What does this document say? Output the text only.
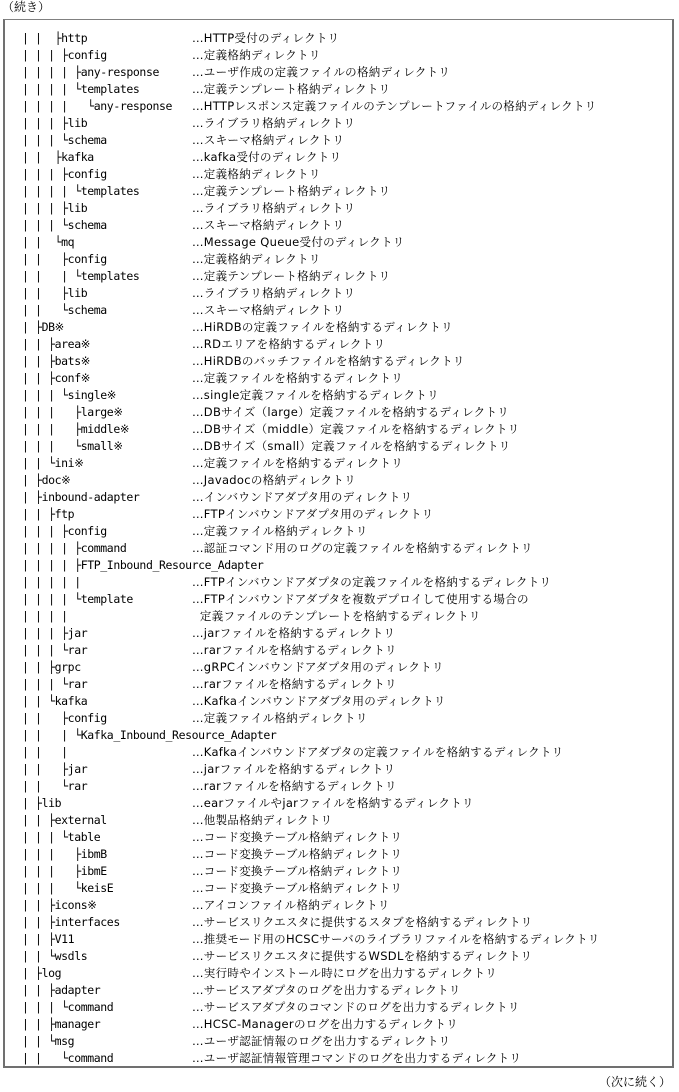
（続き）
| |  ├http	…HTTP受付のディレクトリ
| | | ├config	…定義格納ディレクトリ
| | | | ├any-response	…ユーザ作成の定義ファイルの格納ディレクトリ
| | | | └templates	…定義テンプレート格納ディレクトリ
| | | |   └any-response …HTTPレスポンス定義ファイルのテンプレートファイルの格納ディレクトリ
| | | ├lib	…ライブラリ格納ディレクトリ
| | | └schema	…スキーマ格納ディレクトリ
| |  ├kafka	…kafka受付のディレクトリ
| | | ├config	…定義格納ディレクトリ
| | | | └templates	…定義テンプレート格納ディレクトリ
| | | ├lib	…ライブラリ格納ディレクトリ
| | | └schema	…スキーマ格納ディレクトリ
| |  └mq	…Message Queue受付のディレクトリ
| |   ├config	…定義格納ディレクトリ
| |   | └templates	…定義テンプレート格納ディレクトリ
| |   ├lib	…ライブラリ格納ディレクトリ
| |   └schema	…スキーマ格納ディレクトリ
| ├DB※	…HiRDBの定義ファイルを格納するディレクトリ
| | ├area※	…RDエリアを格納するディレクトリ
| | ├bats※	…HiRDBのバッチファイルを格納するディレクトリ
| | ├conf※	…定義ファイルを格納するディレクトリ
| | | └single※	…single定義ファイルを格納するディレクトリ
| | |   ├large※	…DBサイズ（large）定義ファイルを格納するディレクトリ
| | |   ├middle※	…DBサイズ（middle）定義ファイルを格納するディレクトリ
| | |   └small※	…DBサイズ（small）定義ファイルを格納するディレクトリ
| | └ini※	…定義ファイルを格納するディレクトリ
| ├doc※	…Javadocの格納ディレクトリ
| ├inbound-adapter	…インバウンドアダプタ用のディレクトリ
| | ├ftp	…FTPインバウンドアダプタ用のディレクトリ
| | | ├config	…定義ファイル格納ディレクトリ
| | | | ├command	…認証コマンド用のログの定義ファイルを格納するディレクトリ
| | | | ├FTP_Inbound_Resource_Adapter
| | | | |	…FTPインバウンドアダプタの定義ファイルを格納するディレクトリ
| | | | └template	…FTPインバウンドアダプタを複数デプロイして使用する場合の
| | | |	定義ファイルのテンプレートを格納するディレクトリ
| | | ├jar	…jarファイルを格納するディレクトリ
| | | └rar	…rarファイルを格納するディレクトリ
| | ├grpc	…gRPCインバウンドアダプタ用のディレクトリ
| | | └rar	…rarファイルを格納するディレクトリ
| | └kafka	…Kafkaインバウンドアダプタ用のディレクトリ
| |   ├config	…定義ファイル格納ディレクトリ
| |   | └Kafka_Inbound_Resource_Adapter
| |   |	…Kafkaインバウンドアダプタの定義ファイルを格納するディレクトリ
| |   ├jar	…jarファイルを格納するディレクトリ
| |   └rar	…rarファイルを格納するディレクトリ
| ├lib	…earファイルやjarファイルを格納するディレクトリ
| | ├external	…他製品格納ディレクトリ
| | | └table	…コード変換テーブル格納ディレクトリ
| | |   ├ibmB	…コード変換テーブル格納ディレクトリ
| | |   ├ibmE	…コード変換テーブル格納ディレクトリ
| | |   └keisE	…コード変換テーブル格納ディレクトリ
| | ├icons※	…アイコンファイル格納ディレクトリ
| | ├interfaces	…サービスリクエスタに提供するスタブを格納するディレクトリ
| | ├V11	…推奨モード用のHCSCサーバのライブラリファイルを格納するディレクトリ
| | └wsdls	…サービスリクエスタに提供するWSDLを格納するディレクトリ
| ├log	…実行時やインストール時にログを出力するディレクトリ
| | ├adapter	…サービスアダプタのログを出力するディレクトリ
| | | └command	…サービスアダプタのコマンドのログを出力するディレクトリ
| | ├manager	…HCSC-Managerのログを出力するディレクトリ
| | └msg	…ユーザ認証情報のログを出力するディレクトリ
| |   └command	…ユーザ認証情報管理コマンドのログを出力するディレクトリ
（次に続く）
